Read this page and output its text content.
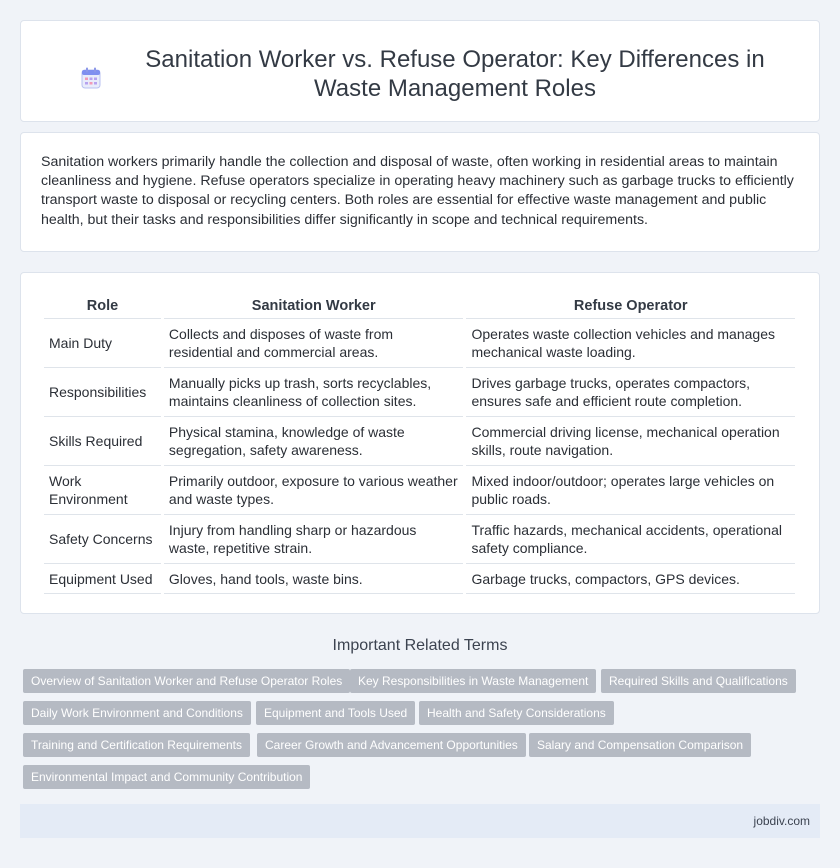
Sanitation Worker vs. Refuse Operator: Key Differences in Waste Management Roles

Sanitation workers primarily handle the collection and disposal of waste, often working in residential areas to maintain cleanliness and hygiene. Refuse operators specialize in operating heavy machinery such as garbage trucks to efficiently transport waste to disposal or recycling centers. Both roles are essential for effective waste management and public health, but their tasks and responsibilities differ significantly in scope and technical requirements.

Role	Sanitation Worker	Refuse Operator
Main Duty	Collects and disposes of waste from residential and commercial areas.	Operates waste collection vehicles and manages mechanical waste loading.
Responsibilities	Manually picks up trash, sorts recyclables, maintains cleanliness of collection sites.	Drives garbage trucks, operates compactors, ensures safe and efficient route completion.
Skills Required	Physical stamina, knowledge of waste segregation, safety awareness.	Commercial driving license, mechanical operation skills, route navigation.
Work Environment	Primarily outdoor, exposure to various weather and waste types.	Mixed indoor/outdoor; operates large vehicles on public roads.
Safety Concerns	Injury from handling sharp or hazardous waste, repetitive strain.	Traffic hazards, mechanical accidents, operational safety compliance.
Equipment Used	Gloves, hand tools, waste bins.	Garbage trucks, compactors, GPS devices.
Important Related Terms
Overview of Sanitation Worker and Refuse Operator Roles	Key Responsibilities in Waste Management	Required Skills and Qualifications
Daily Work Environment and Conditions	Equipment and Tools Used	Health and Safety Considerations
Training and Certification Requirements	Career Growth and Advancement Opportunities	Salary and Compensation Comparison
Environmental Impact and Community Contribution
jobdiv.com
